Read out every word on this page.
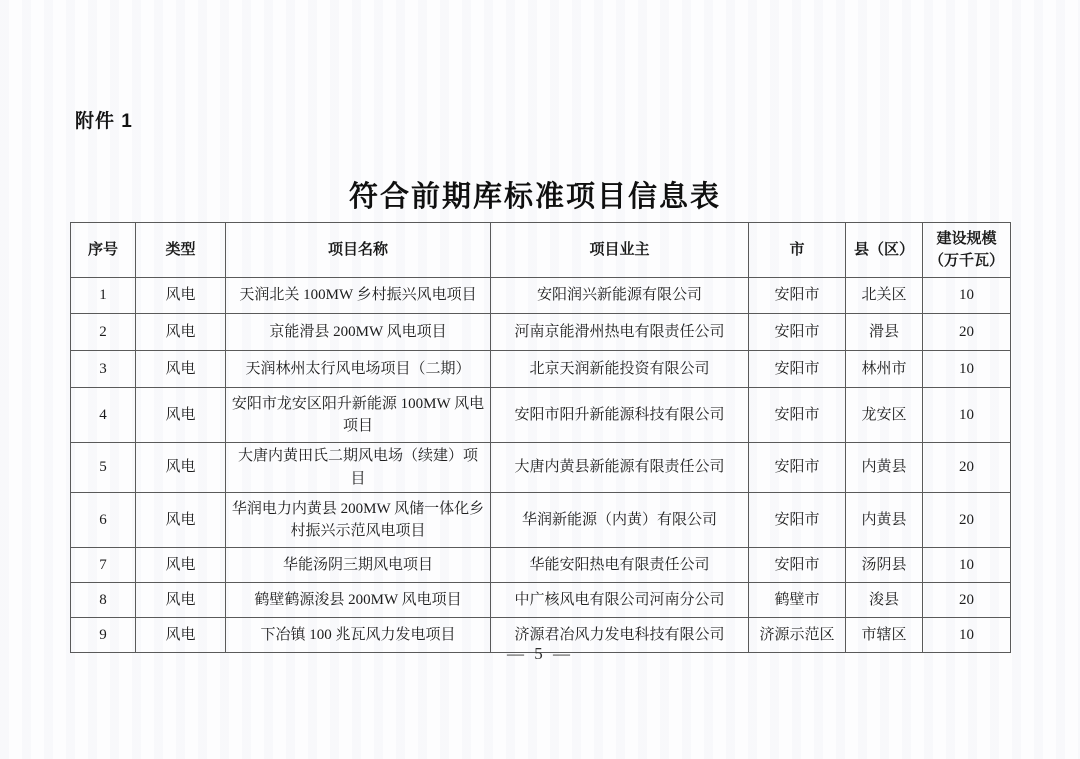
附件 1
符合前期库标准项目信息表
序号	类型	项目名称	项目业主	市	县（区）	建设规模（万千瓦）
1	风电	天润北关 100MW 乡村振兴风电项目	安阳润兴新能源有限公司	安阳市	北关区	10
2	风电	京能滑县 200MW 风电项目	河南京能滑州热电有限责任公司	安阳市	滑县	20
3	风电	天润林州太行风电场项目（二期）	北京天润新能投资有限公司	安阳市	林州市	10
4	风电	安阳市龙安区阳升新能源 100MW 风电项目	安阳市阳升新能源科技有限公司	安阳市	龙安区	10
5	风电	大唐内黄田氏二期风电场（续建）项目	大唐内黄县新能源有限责任公司	安阳市	内黄县	20
6	风电	华润电力内黄县 200MW 风储一体化乡村振兴示范风电项目	华润新能源（内黄）有限公司	安阳市	内黄县	20
7	风电	华能汤阴三期风电项目	华能安阳热电有限责任公司	安阳市	汤阴县	10
8	风电	鹤壁鹤源浚县 200MW 风电项目	中广核风电有限公司河南分公司	鹤壁市	浚县	20
9	风电	下冶镇 100 兆瓦风力发电项目	济源君冶风力发电科技有限公司	济源示范区	市辖区	10
— 5 —
